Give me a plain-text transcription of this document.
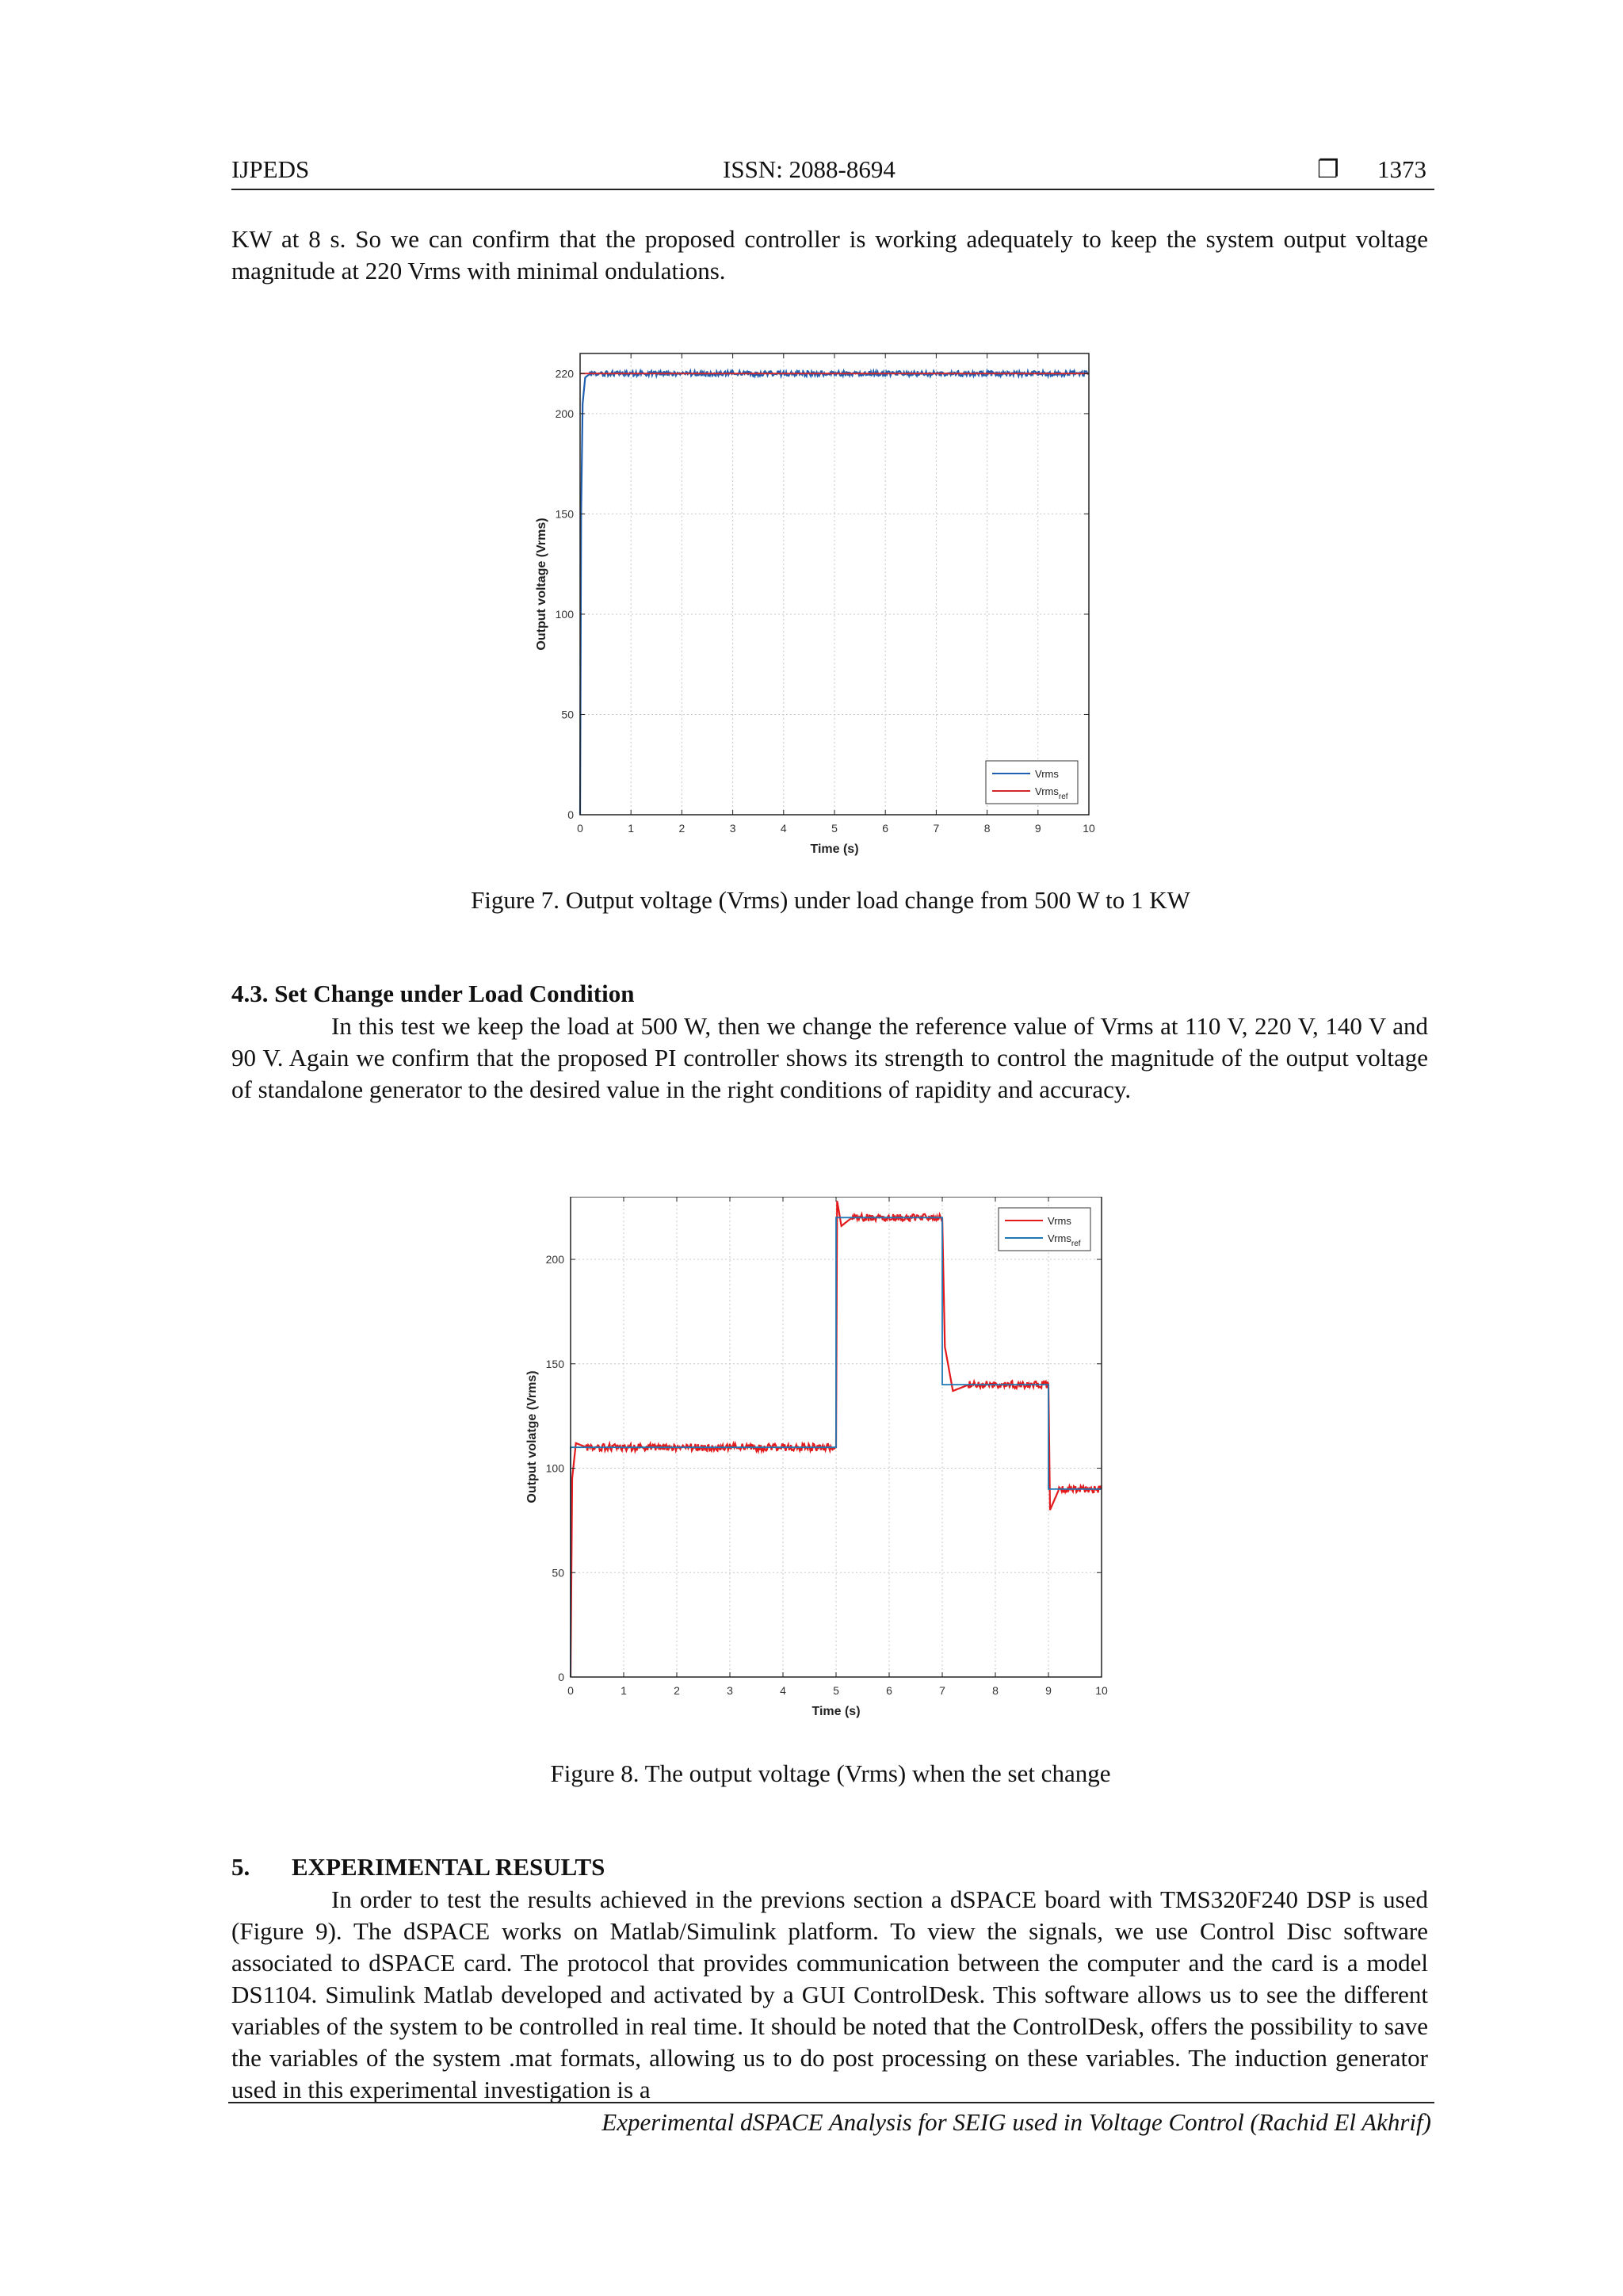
IJPEDS	ISSN: 2088-8694	❐ 1373
KW at 8 s. So we can confirm that the proposed controller is working adequately to keep the system output voltage magnitude at 220 Vrms with minimal ondulations.
0	1	2	3	4	5	6	7	8	9	10
0
50
100
150
200
220
Time (s)
Output voltage (Vrms)
Vrms
Vrms$_{ref}$
Figure 7. Output voltage (Vrms) under load change from 500 W to 1 KW
4.3. Set Change under Load Condition
In this test we keep the load at 500 W, then we change the reference value of Vrms at 110 V, 220 V, 140 V and 90 V. Again we confirm that the proposed PI controller shows its strength to control the magnitude of the output voltage of standalone generator to the desired value in the right conditions of rapidity and accuracy.
0	1	2	3	4	5	6	7	8	9	10
0
50
100
150
200
Time (s)
Output volatge (Vrms)
Vrms
Vrms$_{ref}$
Figure 8. The output voltage (Vrms) when the set change
5. EXPERIMENTAL RESULTS
In order to test the results achieved in the previons section a dSPACE board with TMS320F240 DSP is used (Figure 9). The dSPACE works on Matlab/Simulink platform. To view the signals, we use Control Disc software associated to dSPACE card. The protocol that provides communication between the computer and the card is a model DS1104. Simulink Matlab developed and activated by a GUI ControlDesk. This software allows us to see the different variables of the system to be controlled in real time. It should be noted that the ControlDesk, offers the possibility to save the variables of the system .mat formats, allowing us to do post processing on these variables. The induction generator used in this experimental investigation is a
Experimental dSPACE Analysis for SEIG used in Voltage Control (Rachid El Akhrif)
